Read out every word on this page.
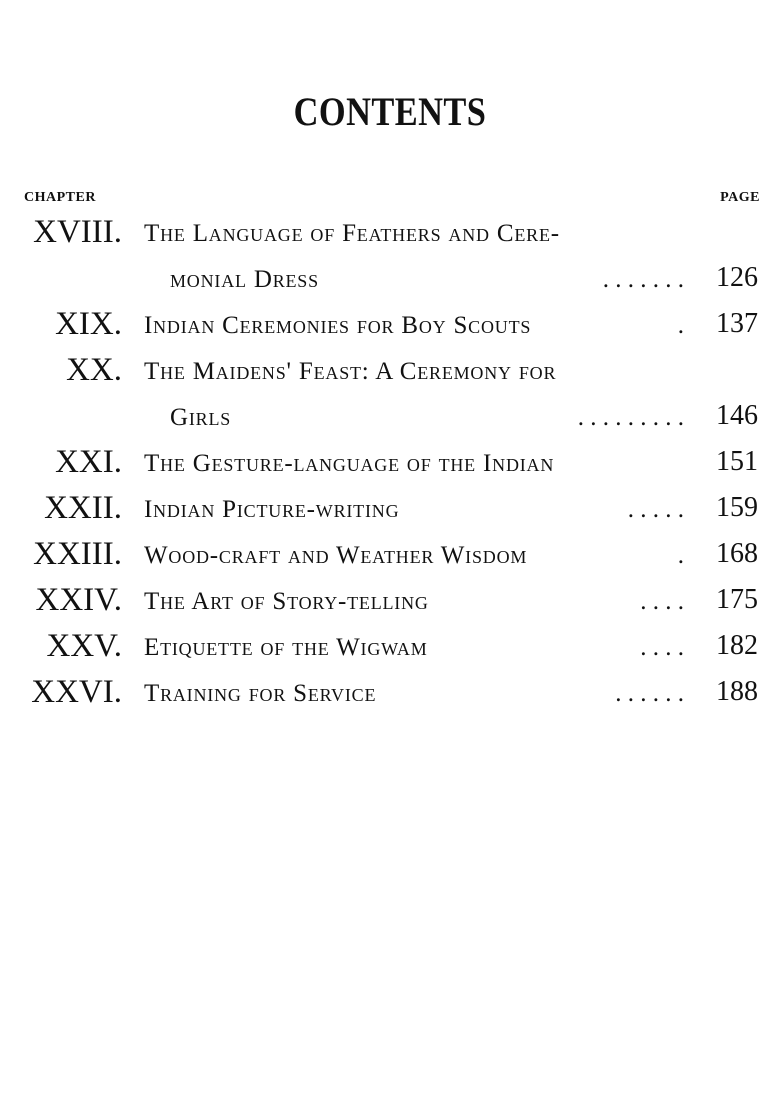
CONTENTS
CHAPTER	PAGE
XVIII. The Language of Feathers and Cere-
monial Dress	. . . . . . . 126
XIX. Indian Ceremonies for Boy Scouts	. 137
XX. The Maidens' Feast: A Ceremony for
Girls	. . . . . . . . . 146
XXI. The Gesture-language of the Indian	151
XXII. Indian Picture-writing	. . . . . 159
XXIII. Wood-craft and Weather Wisdom	. 168
XXIV. The Art of Story-telling	. . . . 175
XXV. Etiquette of the Wigwam	. . . . 182
XXVI. Training for Service	. . . . . . 188
